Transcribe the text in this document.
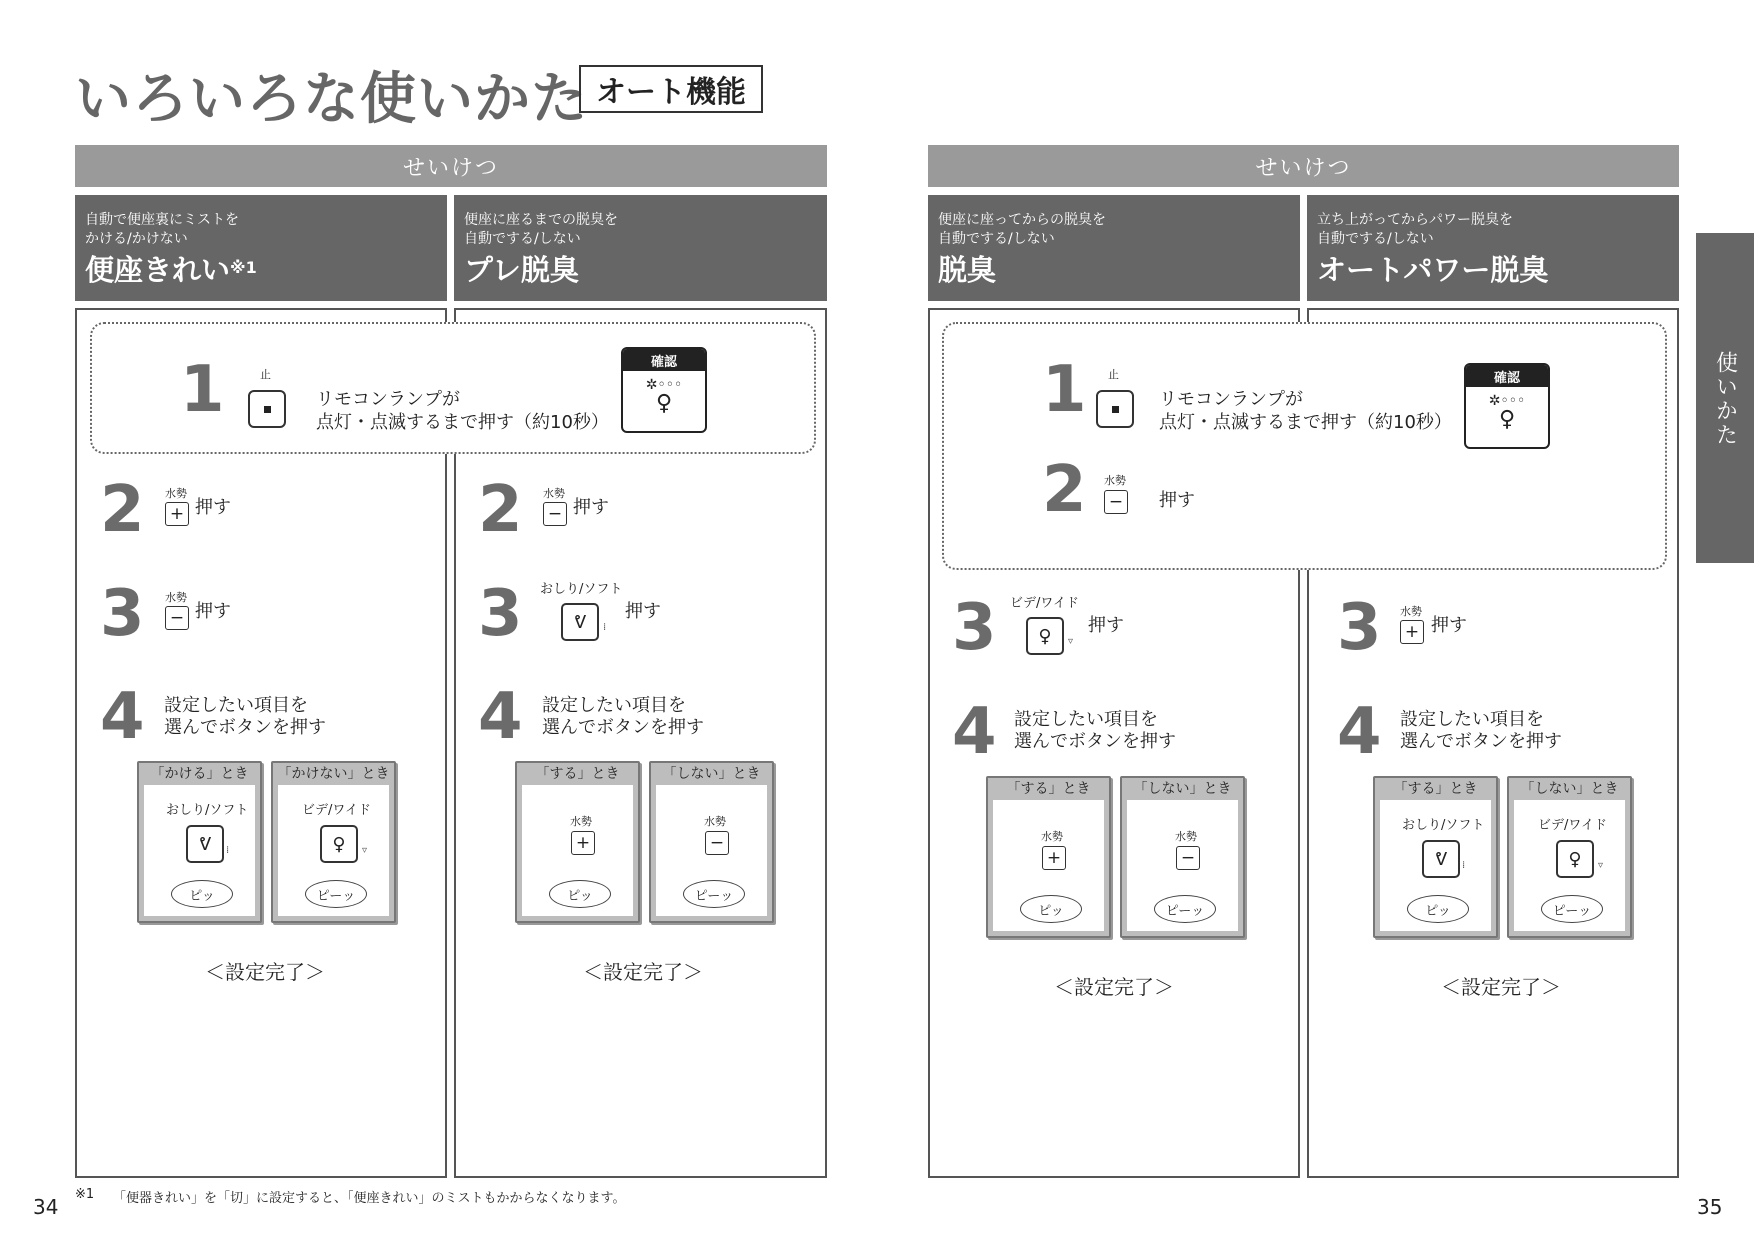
いろいろな使いかた オート機能
せいけつ	せいけつ
自動で便座裏にミストを
かける/かけない
便座きれい$^{※1}$
便座に座るまでの脱臭を
自動でする/しない
プレ脱臭
便座に座ってからの脱臭を
自動でする/しない
脱臭
立ち上がってからパワー脱臭を
自動でする/しない
オートパワー脱臭
1	止
リモコンランプが
点灯・点滅するまで押す（約10秒）
確認
✲◦◦◦
♀
2 水勢
+ 押す
3 水勢
− 押す
4 設定したい項目を
選んでボタンを押す
「かける」とき
おしり/ソフト
ᕓ ⁞
ピッ
「かけない」とき
ビデ/ワイド
♀ ▿
ピーッ
＜設定完了＞
2 水勢
− 押す
3 おしり/ソフト
ᕓ ⁞
押す
4 設定したい項目を
選んでボタンを押す
「する」とき
水勢
+
ピッ
「しない」とき
水勢
−
ピーッ
＜設定完了＞
1 止
リモコンランプが
点灯・点滅するまで押す（約10秒）
確認
✲◦◦◦
♀
2 水勢
− 押す
3 ビデ/ワイド
♀ ▿
押す
4 設定したい項目を
選んでボタンを押す
「する」とき
水勢
+
ピッ
「しない」とき
水勢
−
ピーッ
＜設定完了＞
3 水勢
+ 押す
4 設定したい項目を
選んでボタンを押す
「する」とき
おしり/ソフト
ᕓ ⁞
ピッ
「しない」とき
ビデ/ワイド
♀ ▿
ピーッ
＜設定完了＞
使いかた
34	35
※1 「便器きれい」を「切」に設定すると、「便座きれい」のミストもかからなくなります。
